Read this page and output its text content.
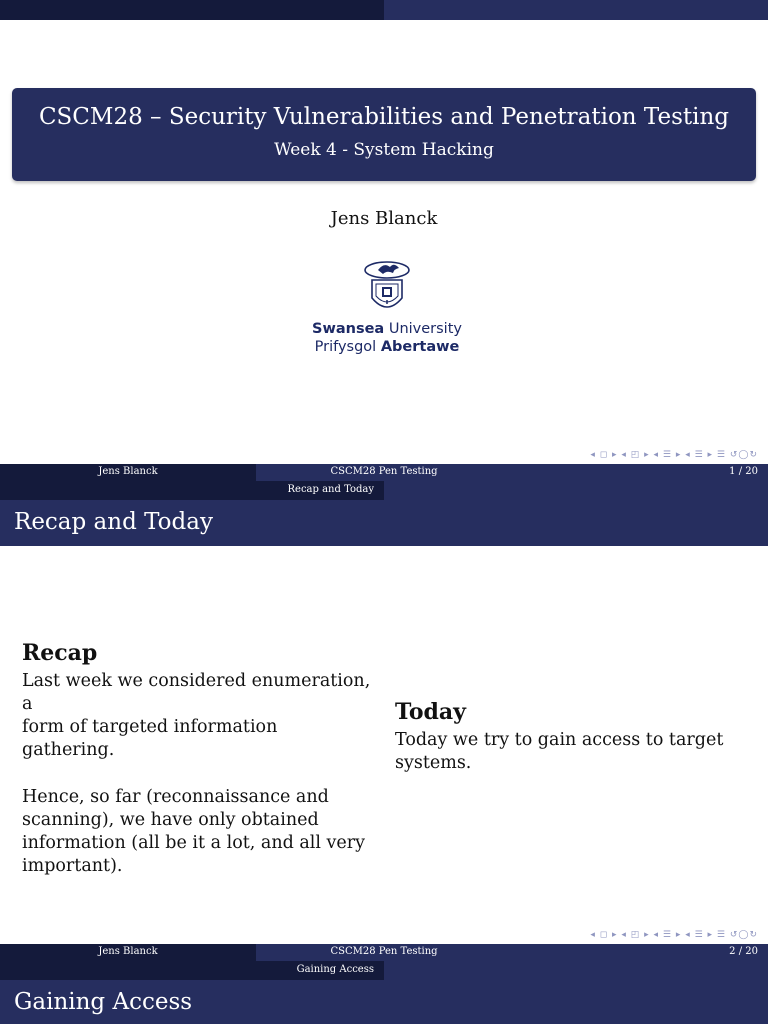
CSCM28 – Security Vulnerabilities and Penetration Testing
Week 4 - System Hacking
Jens Blanck
Swansea University
Prifysgol Abertawe
◂ ◻ ▸ ◂ ◰ ▸ ◂ ☰ ▸ ◂ ☰ ▸ ☰ ↺◯↻
Jens Blanck	CSCM28 Pen Testing	1 / 20
Recap and Today
Recap and Today
Recap
Last week we considered enumeration, a
form of targeted information gathering.
Hence, so far (reconnaissance and
scanning), we have only obtained
information (all be it a lot, and all very
important).
Today
Today we try to gain access to target
systems.
◂ ◻ ▸ ◂ ◰ ▸ ◂ ☰ ▸ ◂ ☰ ▸ ☰ ↺◯↻
Jens Blanck	CSCM28 Pen Testing	2 / 20
Gaining Access
Gaining Access
